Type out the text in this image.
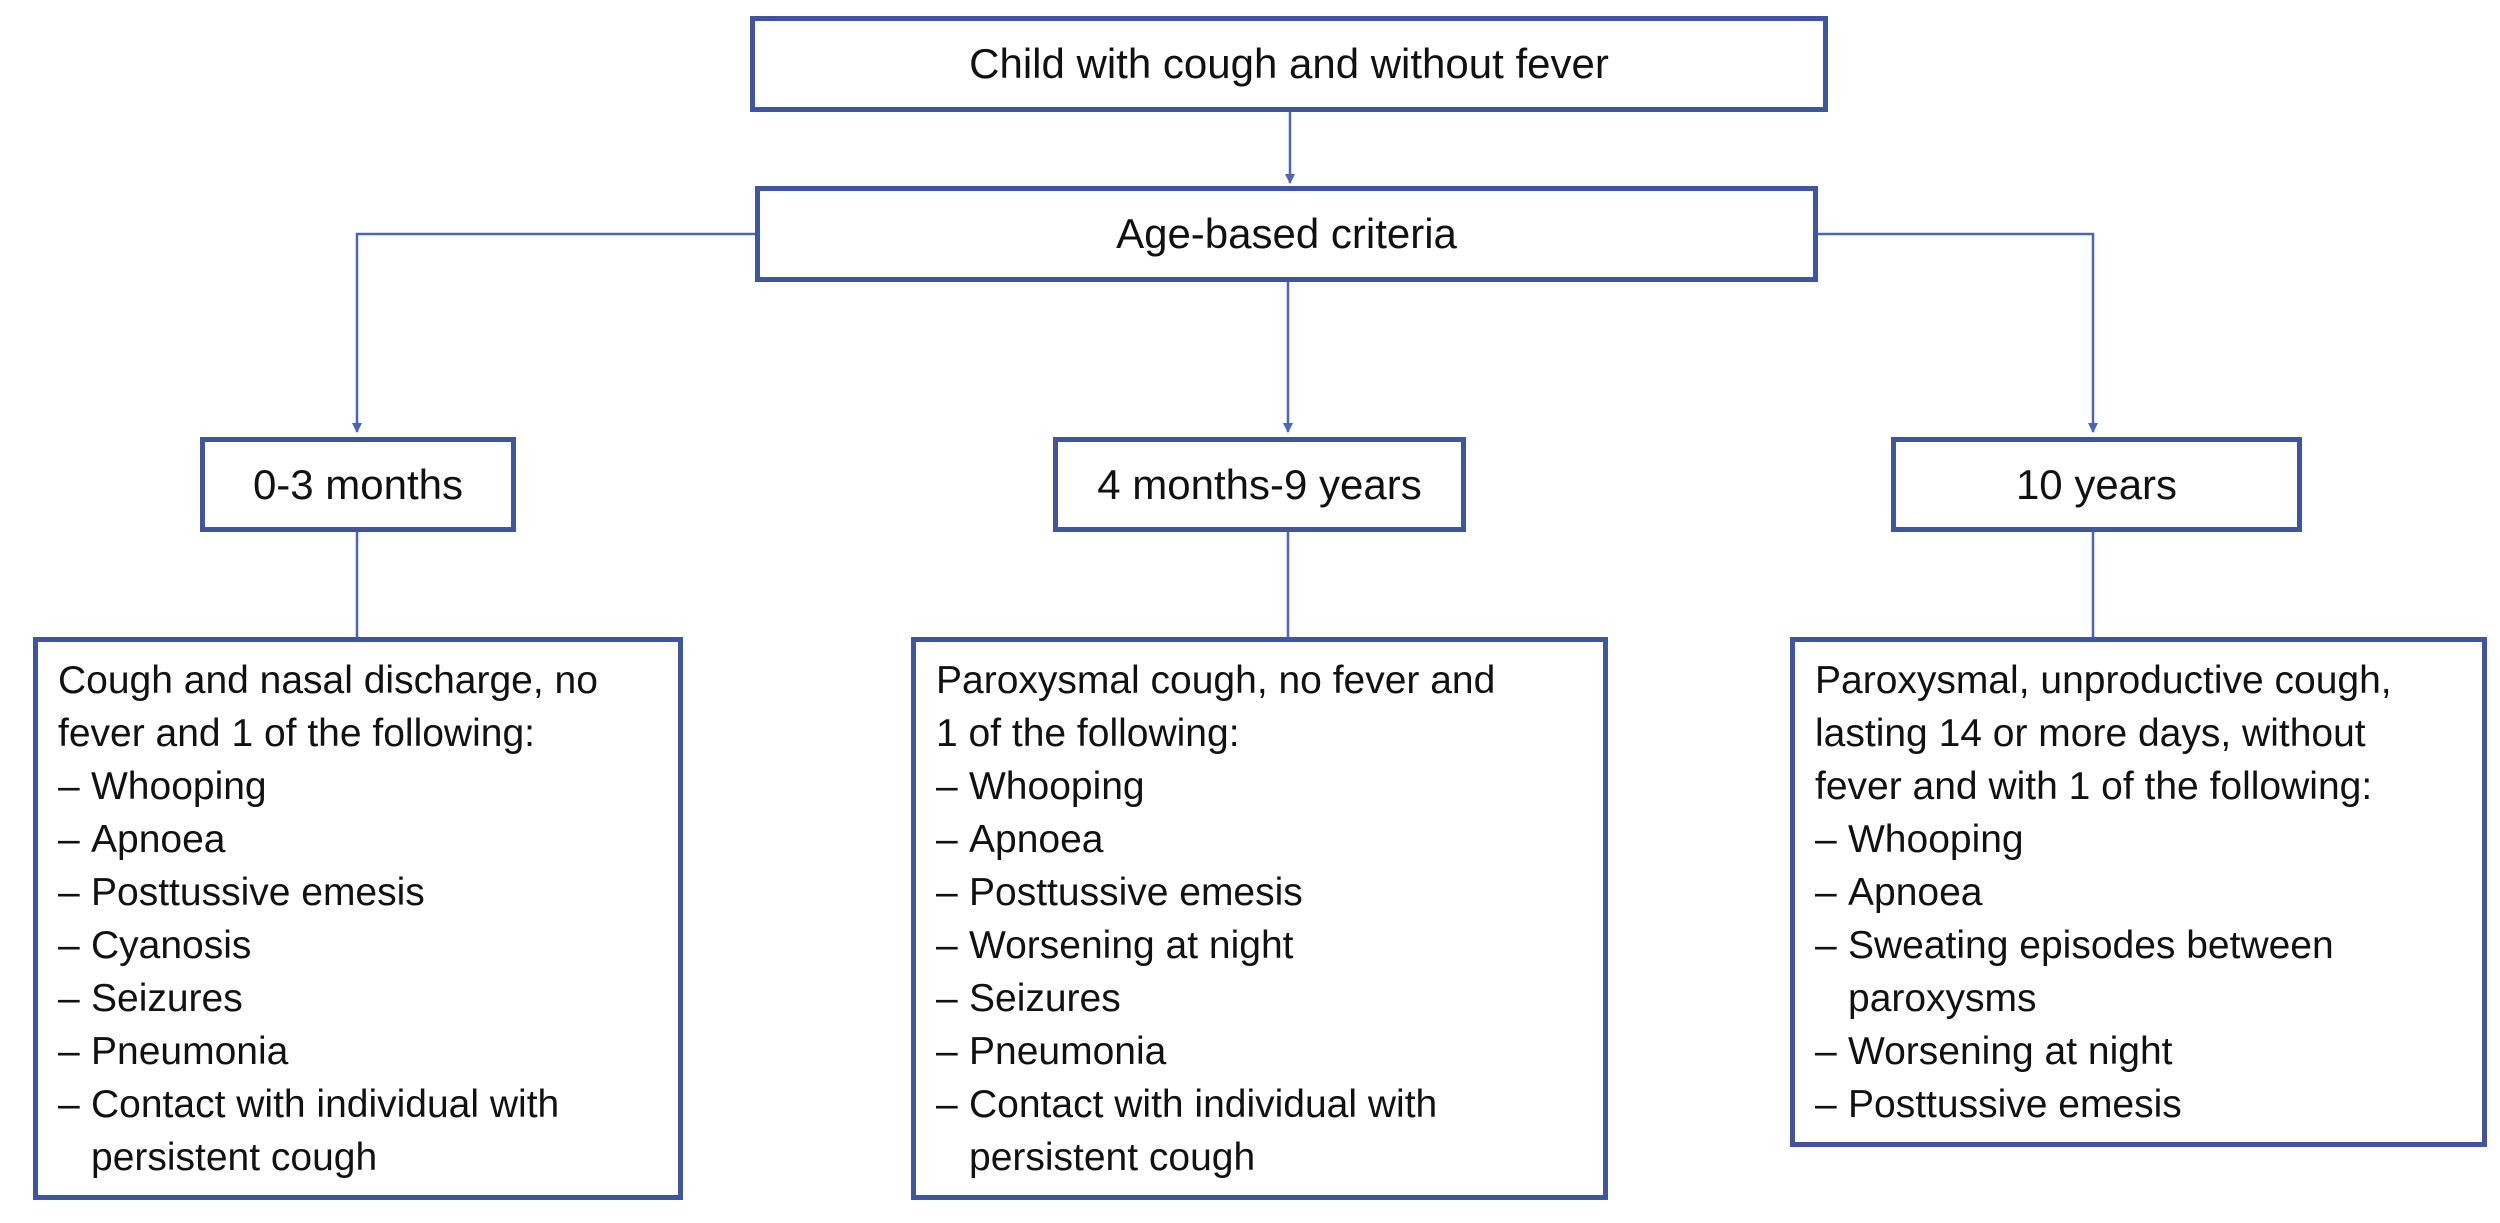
Child with cough and without fever
Age-based criteria
0-3 months	4 months-9 years	10 years
Cough and nasal discharge, no
fever and 1 of the following:
– Whooping
– Apnoea
– Posttussive emesis
– Cyanosis
– Seizures
– Pneumonia
– Contact with individual with persistent cough
Paroxysmal cough, no fever and
1 of the following:
– Whooping
– Apnoea
– Posttussive emesis
– Worsening at night
– Seizures
– Pneumonia
– Contact with individual with persistent cough
Paroxysmal, unproductive cough,
lasting 14 or more days, without
fever and with 1 of the following:
– Whooping
– Apnoea
– Sweating episodes between paroxysms
– Worsening at night
– Posttussive emesis
